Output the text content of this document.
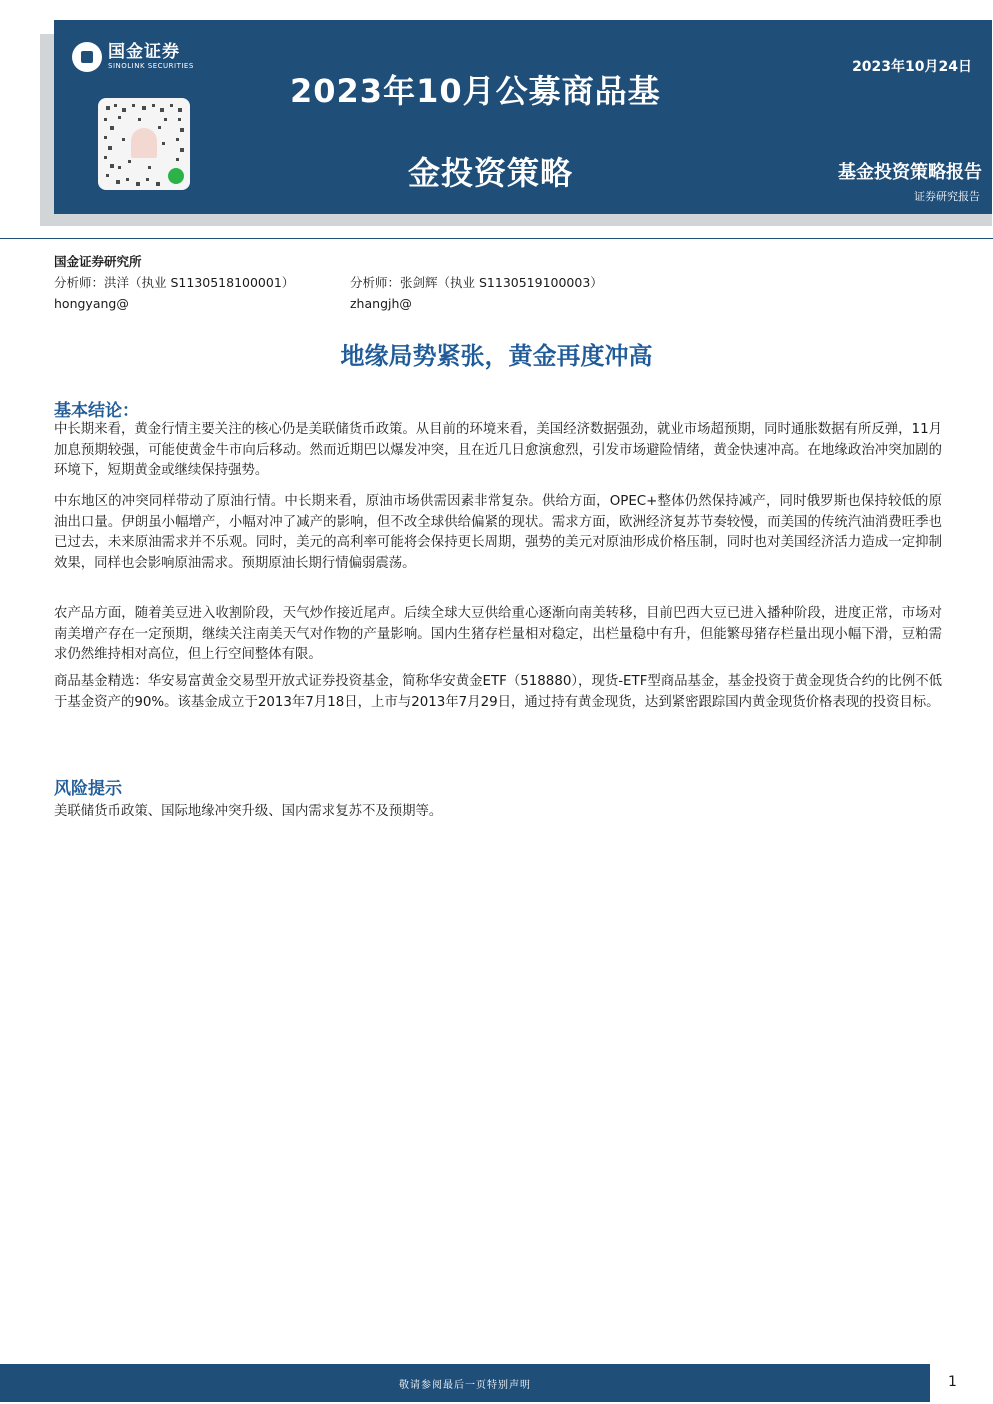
国金证券
SINOLINK SECURITIES
2023年10月公募商品基
金投资策略
2023年10月24日
基金投资策略报告
证券研究报告
国金证券研究所
分析师：洪洋（执业 S1130518100001）	分析师：张剑辉（执业 S1130519100003）
hongyang@	zhangjh@
地缘局势紧张，黄金再度冲高
基本结论：

中长期来看，黄金行情主要关注的核心仍是美联储货币政策。从目前的环境来看，美国经济数据强劲，就业市场超预期，同时通胀数据有所反弹，11月加息预期较强，可能使黄金牛市向后移动。然而近期巴以爆发冲突，且在近几日愈演愈烈，引发市场避险情绪，黄金快速冲高。在地缘政治冲突加剧的环境下，短期黄金或继续保持强势。

中东地区的冲突同样带动了原油行情。中长期来看，原油市场供需因素非常复杂。供给方面，OPEC+整体仍然保持减产，同时俄罗斯也保持较低的原油出口量。伊朗虽小幅增产，小幅对冲了减产的影响，但不改全球供给偏紧的现状。需求方面，欧洲经济复苏节奏较慢，而美国的传统汽油消费旺季也已过去，未来原油需求并不乐观。同时，美元的高利率可能将会保持更长周期，强势的美元对原油形成价格压制，同时也对美国经济活力造成一定抑制效果，同样也会影响原油需求。预期原油长期行情偏弱震荡。

农产品方面，随着美豆进入收割阶段，天气炒作接近尾声。后续全球大豆供给重心逐渐向南美转移，目前巴西大豆已进入播种阶段，进度正常，市场对南美增产存在一定预期，继续关注南美天气对作物的产量影响。国内生猪存栏量相对稳定，出栏量稳中有升，但能繁母猪存栏量出现小幅下滑，豆粕需求仍然维持相对高位，但上行空间整体有限。

商品基金精选：华安易富黄金交易型开放式证券投资基金，简称华安黄金ETF（518880），现货-ETF型商品基金，基金投资于黄金现货合约的比例不低于基金资产的90%。该基金成立于2013年7月18日，上市与2013年7月29日，通过持有黄金现货，达到紧密跟踪国内黄金现货价格表现的投资目标。

风险提示

美联储货币政策、国际地缘冲突升级、国内需求复苏不及预期等。

敬请参阅最后一页特别声明	1
